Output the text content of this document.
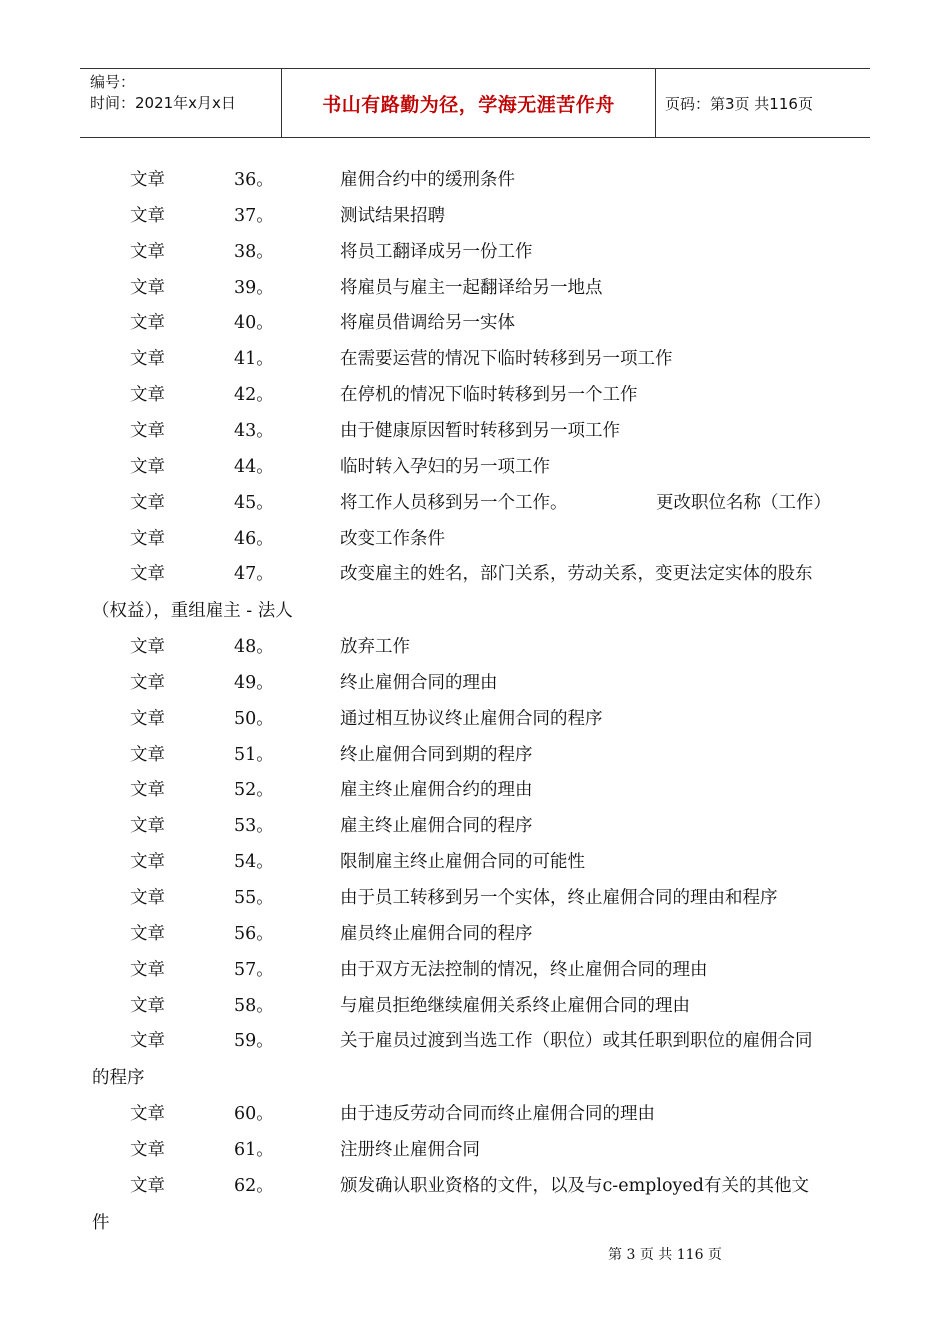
编号：
时间：2021年x月x日	书山有路勤为径，学海无涯苦作舟	页码：第3页 共116页
文章	36。	雇佣合约中的缓刑条件
文章	37。	测试结果招聘
文章	38。	将员工翻译成另一份工作
文章	39。	将雇员与雇主一起翻译给另一地点
文章	40。	将雇员借调给另一实体
文章	41。	在需要运营的情况下临时转移到另一项工作
文章	42。	在停机的情况下临时转移到另一个工作
文章	43。	由于健康原因暂时转移到另一项工作
文章	44。	临时转入孕妇的另一项工作
文章	45。	将工作人员移到另一个工作。	更改职位名称（工作）
文章	46。	改变工作条件
文章	47。	改变雇主的姓名，部门关系，劳动关系，变更法定实体的股东
（权益），重组雇主 - 法人
文章	48。	放弃工作
文章	49。	终止雇佣合同的理由
文章	50。	通过相互协议终止雇佣合同的程序
文章	51。	终止雇佣合同到期的程序
文章	52。	雇主终止雇佣合约的理由
文章	53。	雇主终止雇佣合同的程序
文章	54。	限制雇主终止雇佣合同的可能性
文章	55。	由于员工转移到另一个实体，终止雇佣合同的理由和程序
文章	56。	雇员终止雇佣合同的程序
文章	57。	由于双方无法控制的情况，终止雇佣合同的理由
文章	58。	与雇员拒绝继续雇佣关系终止雇佣合同的理由
文章	59。	关于雇员过渡到当选工作（职位）或其任职到职位的雇佣合同
的程序
文章	60。	由于违反劳动合同而终止雇佣合同的理由
文章	61。	注册终止雇佣合同
文章	62。	颁发确认职业资格的文件，以及与c-employed有关的其他文
件
第 3 页 共 116 页
